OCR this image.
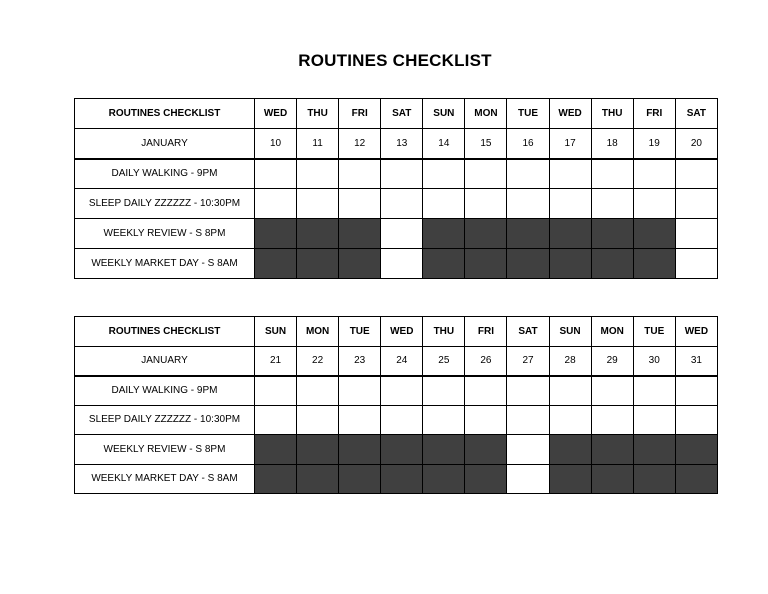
ROUTINES CHECKLIST
ROUTINES CHECKLIST	WED	THU	FRI	SAT	SUN	MON	TUE	WED	THU	FRI	SAT
JANUARY	10	11	12	13	14	15	16	17	18	19	20
DAILY WALKING - 9PM											
SLEEP DAILY ZZZZZZ - 10:30PM											
WEEKLY REVIEW - S 8PM											
WEEKLY MARKET DAY - S 8AM											
ROUTINES CHECKLIST	SUN	MON	TUE	WED	THU	FRI	SAT	SUN	MON	TUE	WED
JANUARY	21	22	23	24	25	26	27	28	29	30	31
DAILY WALKING - 9PM											
SLEEP DAILY ZZZZZZ - 10:30PM											
WEEKLY REVIEW - S 8PM											
WEEKLY MARKET DAY - S 8AM											
